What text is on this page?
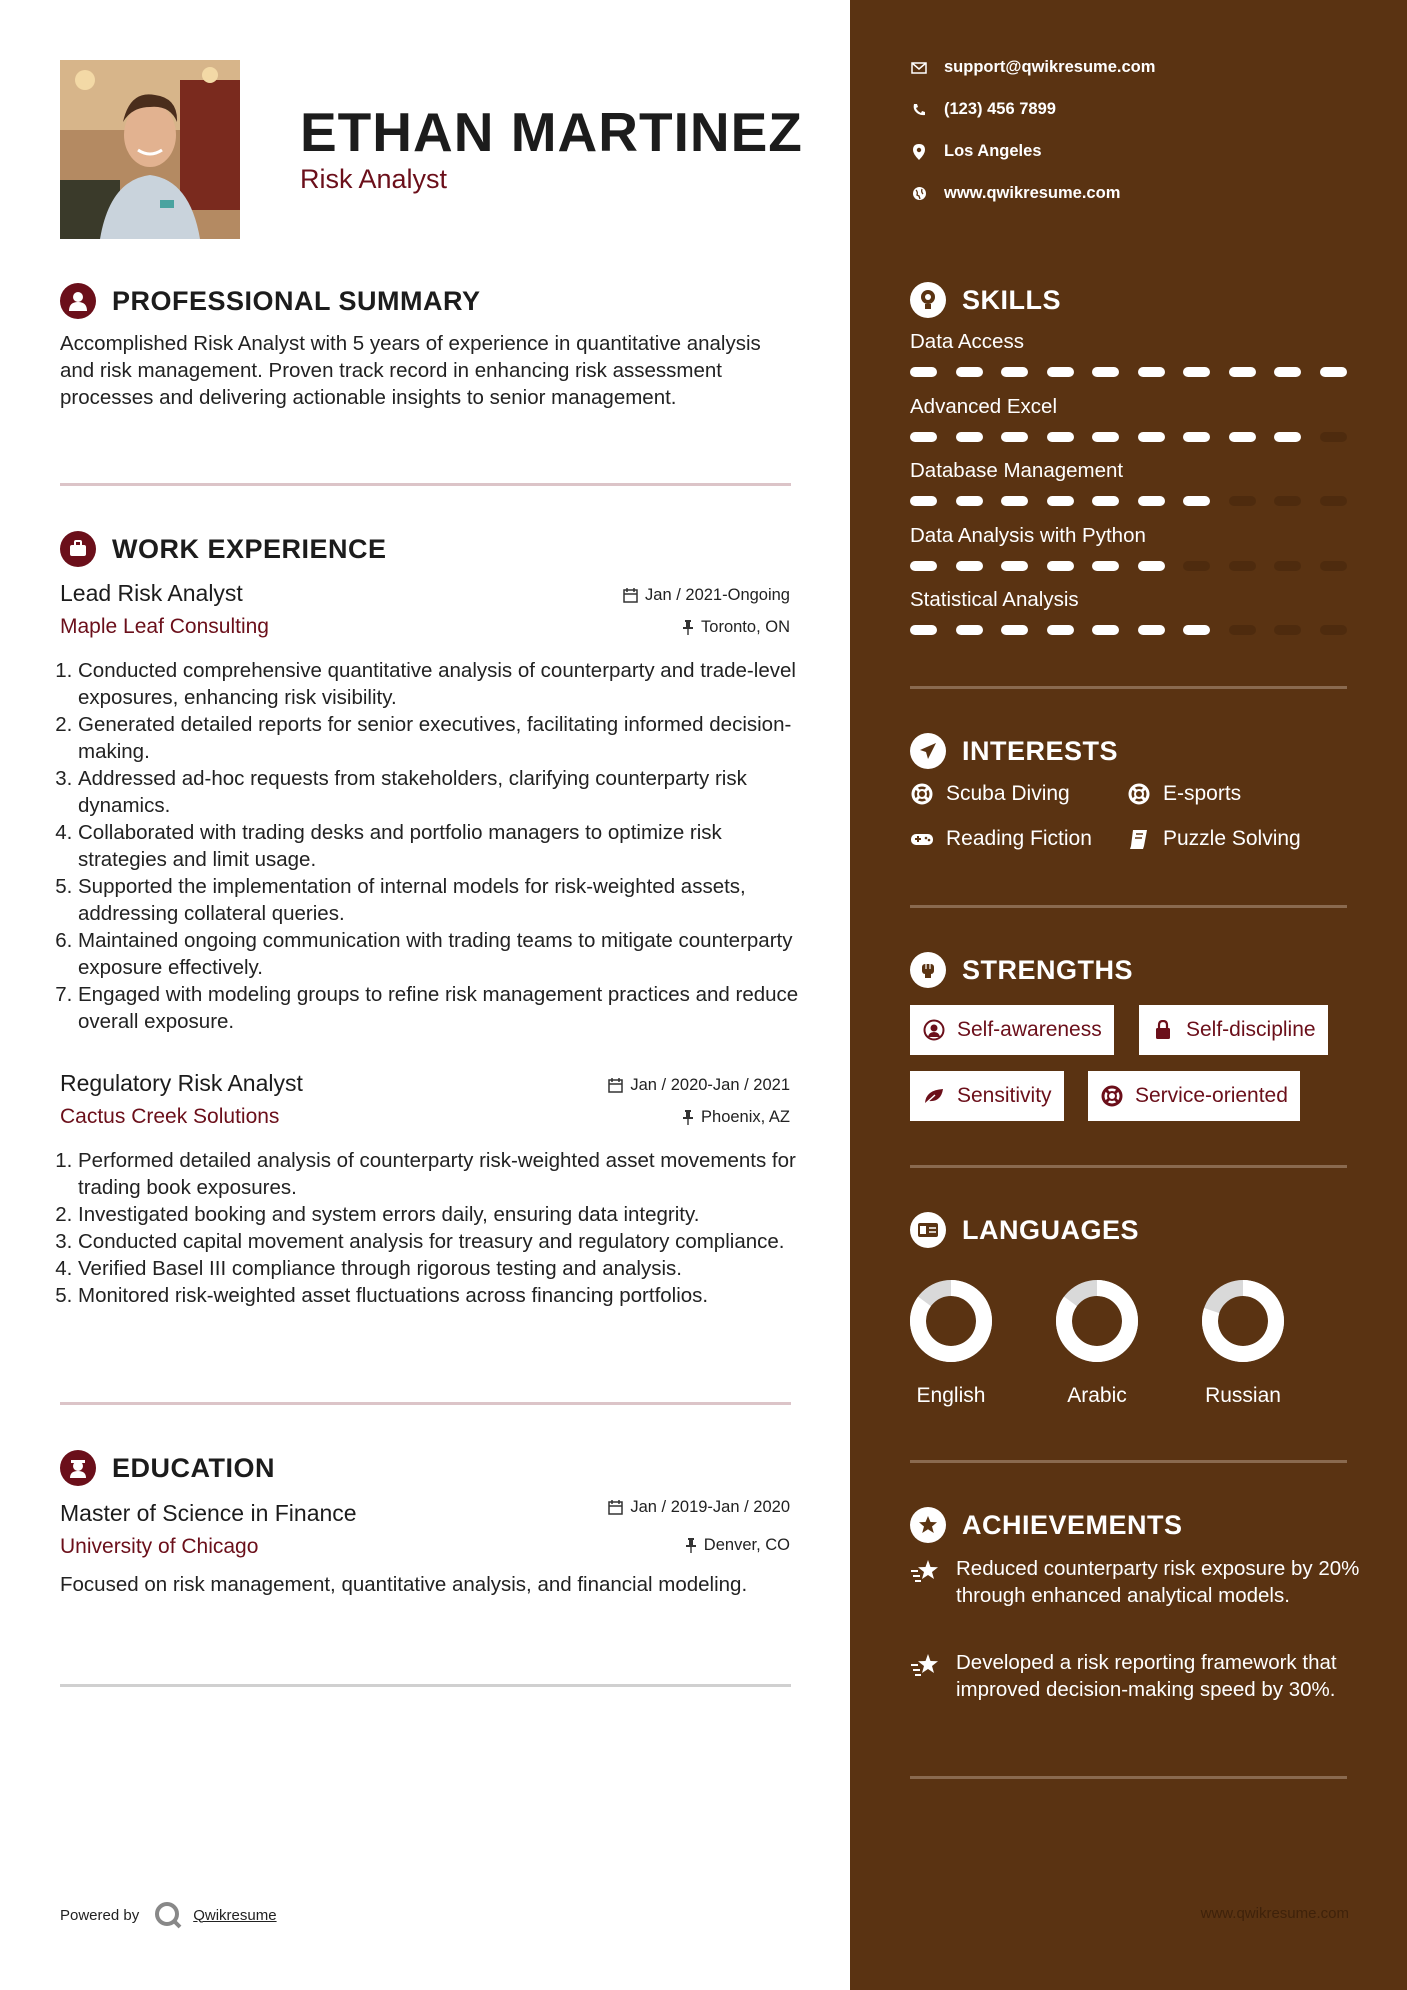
ETHAN MARTINEZ
Risk Analyst
PROFESSIONAL SUMMARY
Accomplished Risk Analyst with 5 years of experience in quantitative analysis and risk management. Proven track record in enhancing risk assessment processes and delivering actionable insights to senior management.
WORK EXPERIENCE
Lead Risk Analyst	Jan / 2021-Ongoing
Maple Leaf Consulting	Toronto, ON
1. Conducted comprehensive quantitative analysis of counterparty and trade-level exposures, enhancing risk visibility.
2. Generated detailed reports for senior executives, facilitating informed decision-making.
3. Addressed ad-hoc requests from stakeholders, clarifying counterparty risk dynamics.
4. Collaborated with trading desks and portfolio managers to optimize risk strategies and limit usage.
5. Supported the implementation of internal models for risk-weighted assets, addressing collateral queries.
6. Maintained ongoing communication with trading teams to mitigate counterparty exposure effectively.
7. Engaged with modeling groups to refine risk management practices and reduce overall exposure.
Regulatory Risk Analyst	Jan / 2020-Jan / 2021
Cactus Creek Solutions	Phoenix, AZ
1. Performed detailed analysis of counterparty risk-weighted asset movements for trading book exposures.
2. Investigated booking and system errors daily, ensuring data integrity.
3. Conducted capital movement analysis for treasury and regulatory compliance.
4. Verified Basel III compliance through rigorous testing and analysis.
5. Monitored risk-weighted asset fluctuations across financing portfolios.
EDUCATION
Master of Science in Finance	Jan / 2019-Jan / 2020
University of Chicago	Denver, CO
Focused on risk management, quantitative analysis, and financial modeling.
Powered by	Qwikresume
support@qwikresume.com
(123) 456 7899
Los Angeles
www.qwikresume.com
SKILLS
Data Access
Advanced Excel
Database Management
Data Analysis with Python
Statistical Analysis
INTERESTS
Scuba Diving	E-sports
Reading Fiction	Puzzle Solving
STRENGTHS
Self-awareness	Self-discipline
Sensitivity	Service-oriented
LANGUAGES
English	Arabic	Russian
ACHIEVEMENTS
Reduced counterparty risk exposure by 20% through enhanced analytical models.
Developed a risk reporting framework that improved decision-making speed by 30%.
www.qwikresume.com
